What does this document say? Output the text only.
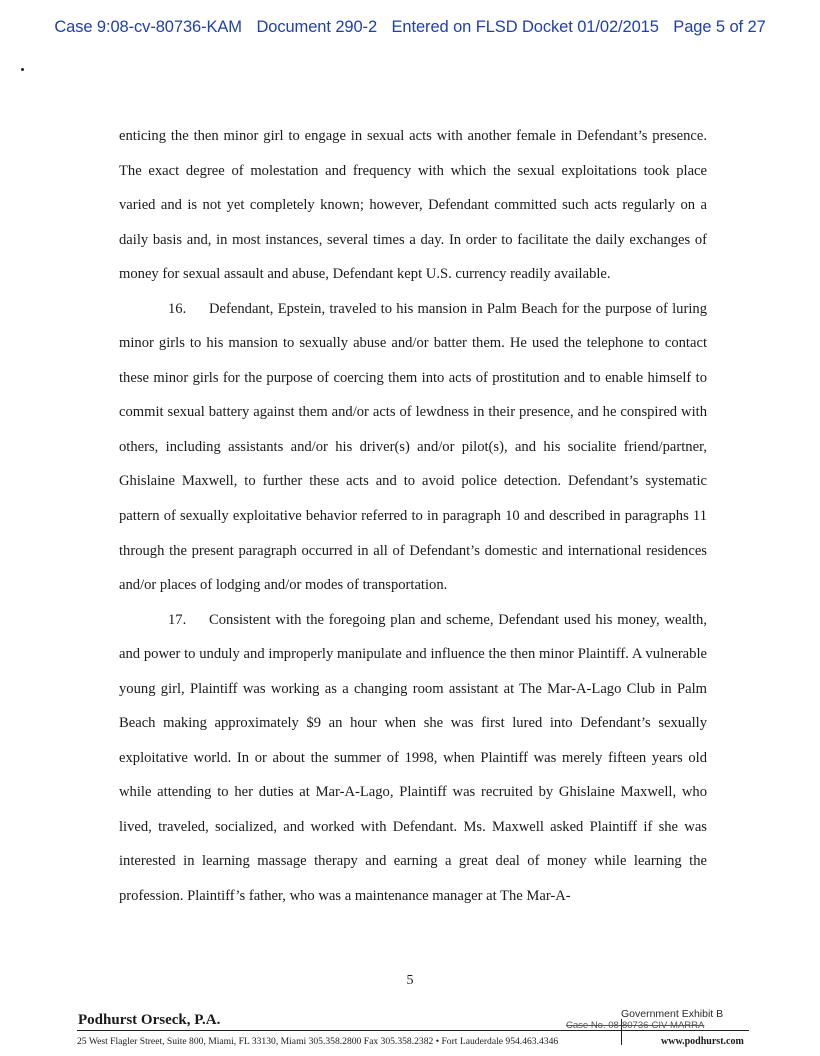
Case 9:08-cv-80736-KAM Document 290-2 Entered on FLSD Docket 01/02/2015 Page 5 of 27

enticing the then minor girl to engage in sexual acts with another female in Defendant’s presence. The exact degree of molestation and frequency with which the sexual exploitations took place varied and is not yet completely known; however, Defendant committed such acts regularly on a daily basis and, in most instances, several times a day. In order to facilitate the daily exchanges of money for sexual assault and abuse, Defendant kept U.S. currency readily available.

16. Defendant, Epstein, traveled to his mansion in Palm Beach for the purpose of luring minor girls to his mansion to sexually abuse and/or batter them. He used the telephone to contact these minor girls for the purpose of coercing them into acts of prostitution and to enable himself to commit sexual battery against them and/or acts of lewdness in their presence, and he conspired with others, including assistants and/or his driver(s) and/or pilot(s), and his socialite friend/partner, Ghislaine Maxwell, to further these acts and to avoid police detection. Defendant’s systematic pattern of sexually exploitative behavior referred to in paragraph 10 and described in paragraphs 11 through the present paragraph occurred in all of Defendant’s domestic and international residences and/or places of lodging and/or modes of transportation.

17. Consistent with the foregoing plan and scheme, Defendant used his money, wealth, and power to unduly and improperly manipulate and influence the then minor Plaintiff. A vulnerable young girl, Plaintiff was working as a changing room assistant at The Mar-A-Lago Club in Palm Beach making approximately $9 an hour when she was first lured into Defendant’s sexually exploitative world. In or about the summer of 1998, when Plaintiff was merely fifteen years old while attending to her duties at Mar-A-Lago, Plaintiff was recruited by Ghislaine Maxwell, who lived, traveled, socialized, and worked with Defendant. Ms. Maxwell asked Plaintiff if she was interested in learning massage therapy and earning a great deal of money while learning the profession. Plaintiff’s father, who was a maintenance manager at The Mar-A-

5
Podhurst Orseck, P.A.	Government Exhibit B
Case No. 08-80736-CIV-MARRA
25 West Flagler Street, Suite 800, Miami, FL 33130, Miami 305.358.2800 Fax 305.358.2382 • Fort Lauderdale 954.463.4346	www.podhurst.com
